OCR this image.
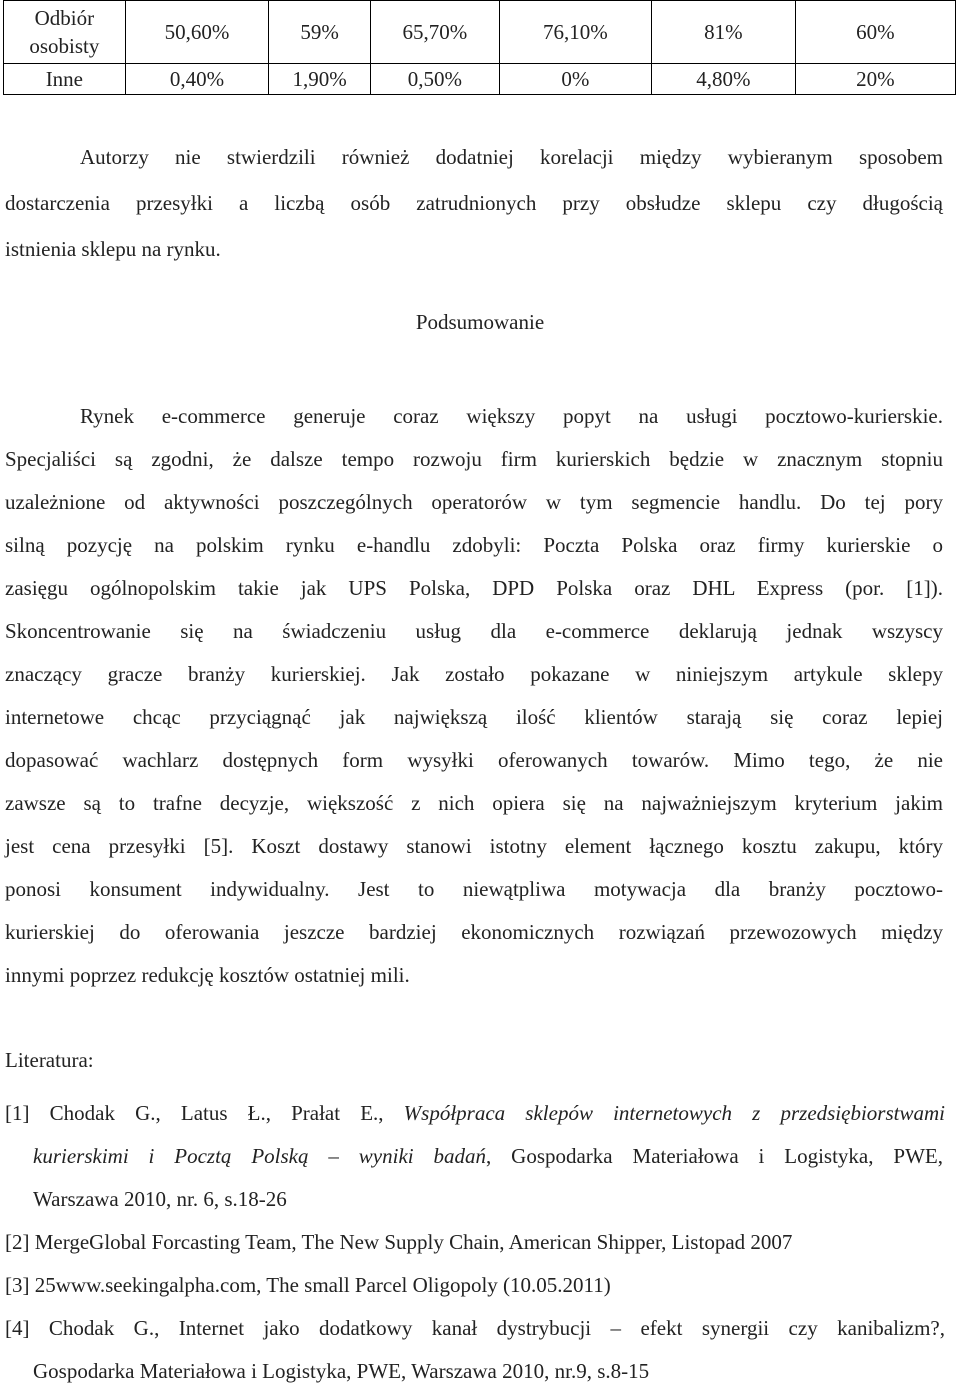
Odbiór
osobisty	50,60%	59%	65,70%	76,10%	81%	60%
Inne	0,40%	1,90%	0,50%	0%	4,80%	20%
Autorzy nie stwierdzili również dodatniej korelacji między wybieranym sposobem
dostarczenia przesyłki a liczbą osób zatrudnionych przy obsłudze sklepu czy długością
istnienia sklepu na rynku.
Podsumowanie
Rynek e-commerce generuje coraz większy popyt na usługi pocztowo-kurierskie.
Specjaliści są zgodni, że dalsze tempo rozwoju firm kurierskich będzie w znacznym stopniu
uzależnione od aktywności poszczególnych operatorów w tym segmencie handlu. Do tej pory
silną pozycję na polskim rynku e-handlu zdobyli: Poczta Polska oraz firmy kurierskie o
zasięgu ogólnopolskim takie jak UPS Polska, DPD Polska oraz DHL Express (por. [1]).
Skoncentrowanie się na świadczeniu usług dla e-commerce deklarują jednak wszyscy
znaczący gracze branży kurierskiej. Jak zostało pokazane w niniejszym artykule sklepy
internetowe chcąc przyciągnąć jak największą ilość klientów starają się coraz lepiej
dopasować wachlarz dostępnych form wysyłki oferowanych towarów. Mimo tego, że nie
zawsze są to trafne decyzje, większość z nich opiera się na najważniejszym kryterium jakim
jest cena przesyłki [5]. Koszt dostawy stanowi istotny element łącznego kosztu zakupu, który
ponosi konsument indywidualny. Jest to niewątpliwa motywacja dla branży pocztowo-
kurierskiej do oferowania jeszcze bardziej ekonomicznych rozwiązań przewozowych między
innymi poprzez redukcję kosztów ostatniej mili.
Literatura:
[1] Chodak G., Latus Ł., Prałat E., Współpraca sklepów internetowych z przedsiębiorstwami
kurierskimi i Pocztą Polską – wyniki badań, Gospodarka Materiałowa i Logistyka, PWE,
Warszawa 2010, nr. 6, s.18-26
[2] MergeGlobal Forcasting Team, The New Supply Chain, American Shipper, Listopad 2007
[3] 25www.seekingalpha.com, The small Parcel Oligopoly (10.05.2011)
[4] Chodak G., Internet jako dodatkowy kanał dystrybucji – efekt synergii czy kanibalizm?,
Gospodarka Materiałowa i Logistyka, PWE, Warszawa 2010, nr.9, s.8-15
